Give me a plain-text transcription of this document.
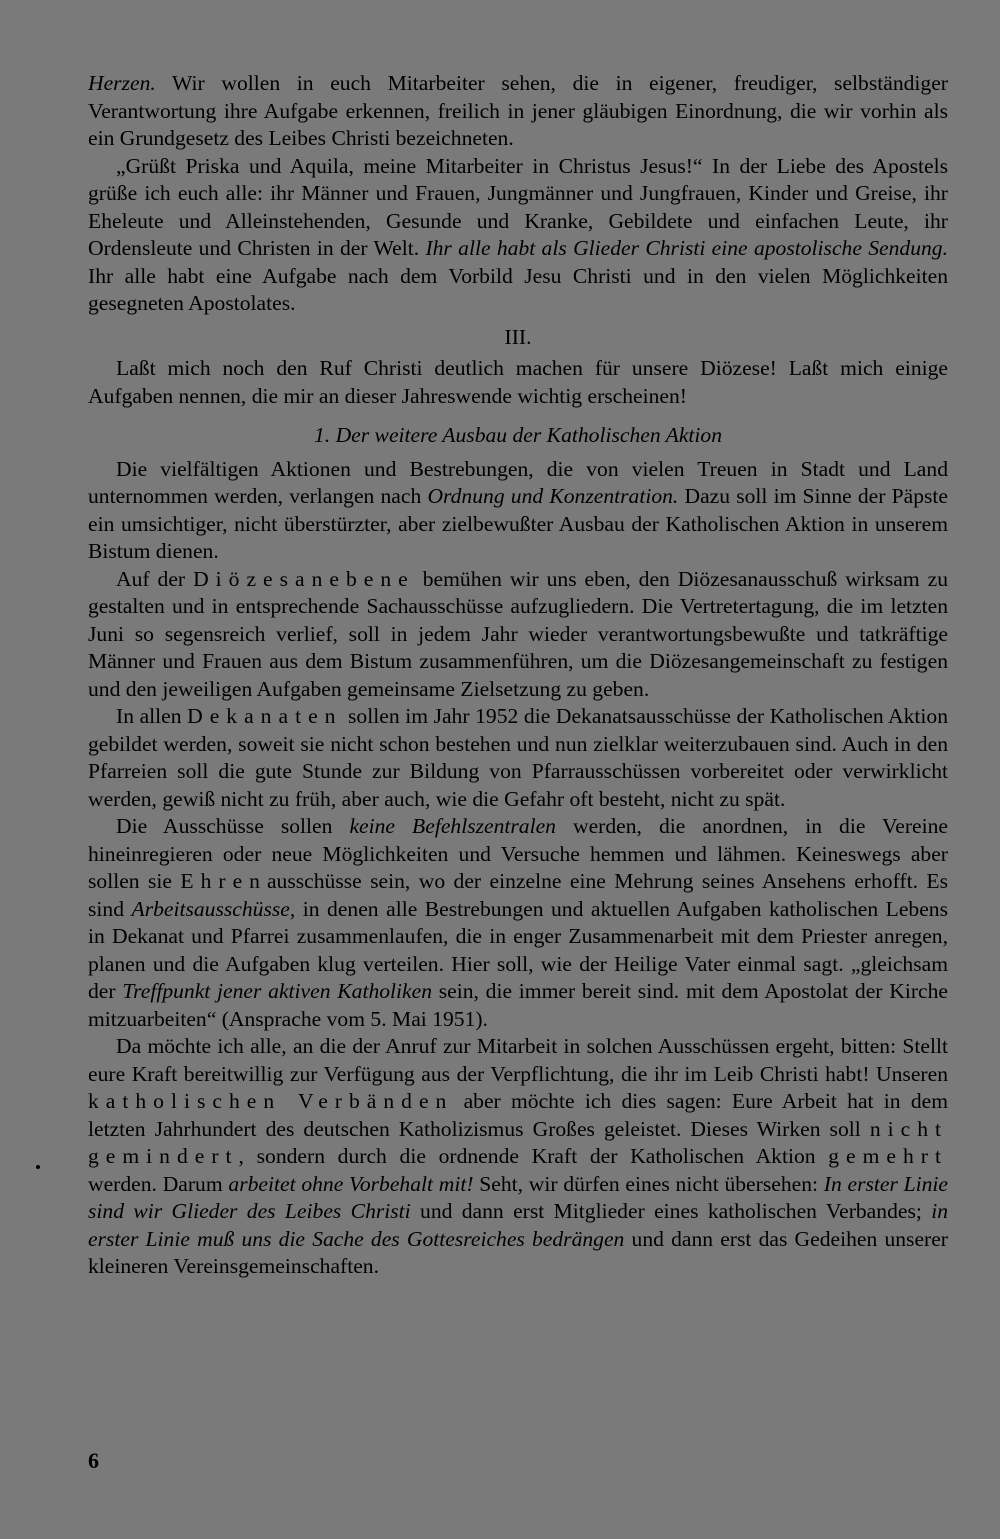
Herzen. Wir wollen in euch Mitarbeiter sehen, die in eigener, freudiger, selbständiger Verantwortung ihre Aufgabe erkennen, freilich in jener gläubigen Einordnung, die wir vorhin als ein Grundgesetz des Leibes Christi bezeichneten.

„Grüßt Priska und Aquila, meine Mitarbeiter in Christus Jesus!“ In der Liebe des Apostels grüße ich euch alle: ihr Männer und Frauen, Jungmänner und Jungfrauen, Kinder und Greise, ihr Eheleute und Alleinstehenden, Gesunde und Kranke, Gebildete und einfachen Leute, ihr Ordensleute und Christen in der Welt. Ihr alle habt als Glieder Christi eine apostolische Sendung. Ihr alle habt eine Aufgabe nach dem Vorbild Jesu Christi und in den vielen Möglichkeiten gesegneten Apostolates.

III.

Laßt mich noch den Ruf Christi deutlich machen für unsere Diözese! Laßt mich einige Aufgaben nennen, die mir an dieser Jahreswende wichtig erscheinen!

1. Der weitere Ausbau der Katholischen Aktion

Die vielfältigen Aktionen und Bestrebungen, die von vielen Treuen in Stadt und Land unternommen werden, verlangen nach Ordnung und Konzentration. Dazu soll im Sinne der Päpste ein umsichtiger, nicht überstürzter, aber zielbewußter Ausbau der Katholischen Aktion in unserem Bistum dienen.

Auf der Diözesanebene bemühen wir uns eben, den Diözesanausschuß wirksam zu gestalten und in entsprechende Sachausschüsse aufzugliedern. Die Vertretertagung, die im letzten Juni so segensreich verlief, soll in jedem Jahr wieder verantwortungsbewußte und tatkräftige Männer und Frauen aus dem Bistum zusammenführen, um die Diözesangemeinschaft zu festigen und den jeweiligen Aufgaben gemeinsame Zielsetzung zu geben.

In allen Dekanaten sollen im Jahr 1952 die Dekanatsausschüsse der Katholischen Aktion gebildet werden, soweit sie nicht schon bestehen und nun zielklar weiterzubauen sind. Auch in den Pfarreien soll die gute Stunde zur Bildung von Pfarrausschüssen vorbereitet oder verwirklicht werden, gewiß nicht zu früh, aber auch, wie die Gefahr oft besteht, nicht zu spät.

Die Ausschüsse sollen keine Befehlszentralen werden, die anordnen, in die Vereine hineinregieren oder neue Möglichkeiten und Versuche hemmen und lähmen. Keineswegs aber sollen sie Ehrenausschüsse sein, wo der einzelne eine Mehrung seines Ansehens erhofft. Es sind Arbeitsausschüsse, in denen alle Bestrebungen und aktuellen Aufgaben katholischen Lebens in Dekanat und Pfarrei zusammenlaufen, die in enger Zusammenarbeit mit dem Priester anregen, planen und die Aufgaben klug verteilen. Hier soll, wie der Heilige Vater einmal sagt. „gleichsam der Treffpunkt jener aktiven Katholiken sein, die immer bereit sind. mit dem Apostolat der Kirche mitzuarbeiten“ (Ansprache vom 5. Mai 1951).

Da möchte ich alle, an die der Anruf zur Mitarbeit in solchen Ausschüssen ergeht, bitten: Stellt eure Kraft bereitwillig zur Verfügung aus der Verpflichtung, die ihr im Leib Christi habt! Unseren katholischen Verbänden aber möchte ich dies sagen: Eure Arbeit hat in dem letzten Jahrhundert des deutschen Katholizismus Großes geleistet. Dieses Wirken soll nicht gemindert, sondern durch die ordnende Kraft der Katholischen Aktion gemehrt werden. Darum arbeitet ohne Vorbehalt mit! Seht, wir dürfen eines nicht übersehen: In erster Linie sind wir Glieder des Leibes Christi und dann erst Mitglieder eines katholischen Verbandes; in erster Linie muß uns die Sache des Gottesreiches bedrängen und dann erst das Gedeihen unserer kleineren Vereinsgemeinschaften.

6
